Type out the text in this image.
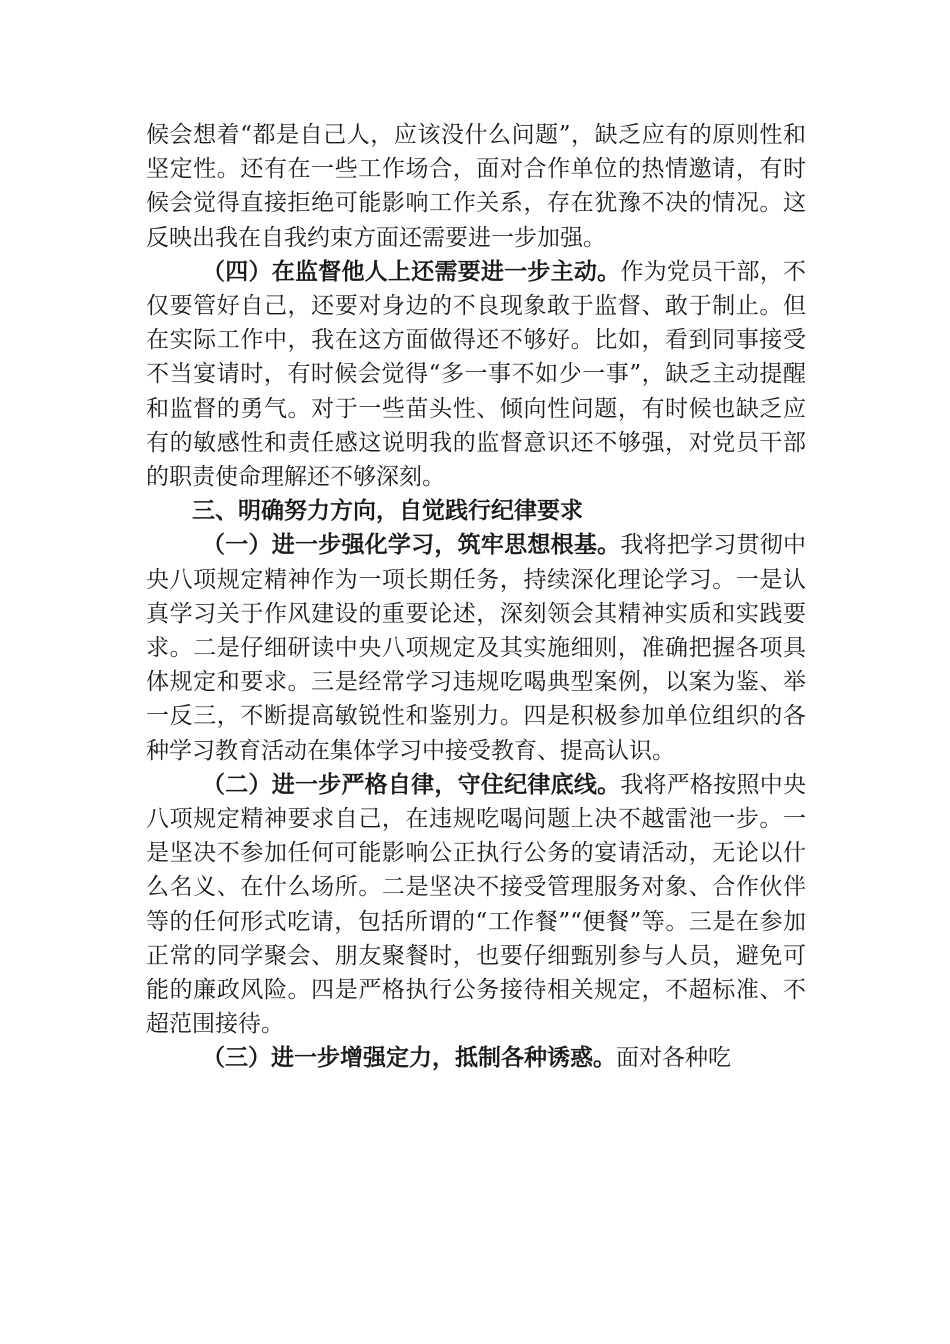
候会想着“都是自己人，应该没什么问题”，缺乏应有的原则性和坚定性。还有在一些工作场合，面对合作单位的热情邀请，有时候会觉得直接拒绝可能影响工作关系，存在犹豫不决的情况。这反映出我在自我约束方面还需要进一步加强。

（四）在监督他人上还需要进一步主动。作为党员干部，不仅要管好自己，还要对身边的不良现象敢于监督、敢于制止。但在实际工作中，我在这方面做得还不够好。比如，看到同事接受不当宴请时，有时候会觉得“多一事不如少一事”，缺乏主动提醒和监督的勇气。对于一些苗头性、倾向性问题，有时候也缺乏应有的敏感性和责任感这说明我的监督意识还不够强，对党员干部的职责使命理解还不够深刻。

三、明确努力方向，自觉践行纪律要求

（一）进一步强化学习，筑牢思想根基。我将把学习贯彻中央八项规定精神作为一项长期任务，持续深化理论学习。一是认真学习关于作风建设的重要论述，深刻领会其精神实质和实践要求。二是仔细研读中央八项规定及其实施细则，准确把握各项具体规定和要求。三是经常学习违规吃喝典型案例，以案为鉴、举一反三，不断提高敏锐性和鉴别力。四是积极参加单位组织的各种学习教育活动在集体学习中接受教育、提高认识。

（二）进一步严格自律，守住纪律底线。我将严格按照中央八项规定精神要求自己，在违规吃喝问题上决不越雷池一步。一是坚决不参加任何可能影响公正执行公务的宴请活动，无论以什么名义、在什么场所。二是坚决不接受管理服务对象、合作伙伴等的任何形式吃请，包括所谓的“工作餐”“便餐”等。三是在参加正常的同学聚会、朋友聚餐时，也要仔细甄别参与人员，避免可能的廉政风险。四是严格执行公务接待相关规定，不超标准、不超范围接待。

（三）进一步增强定力，抵制各种诱惑。面对各种吃
